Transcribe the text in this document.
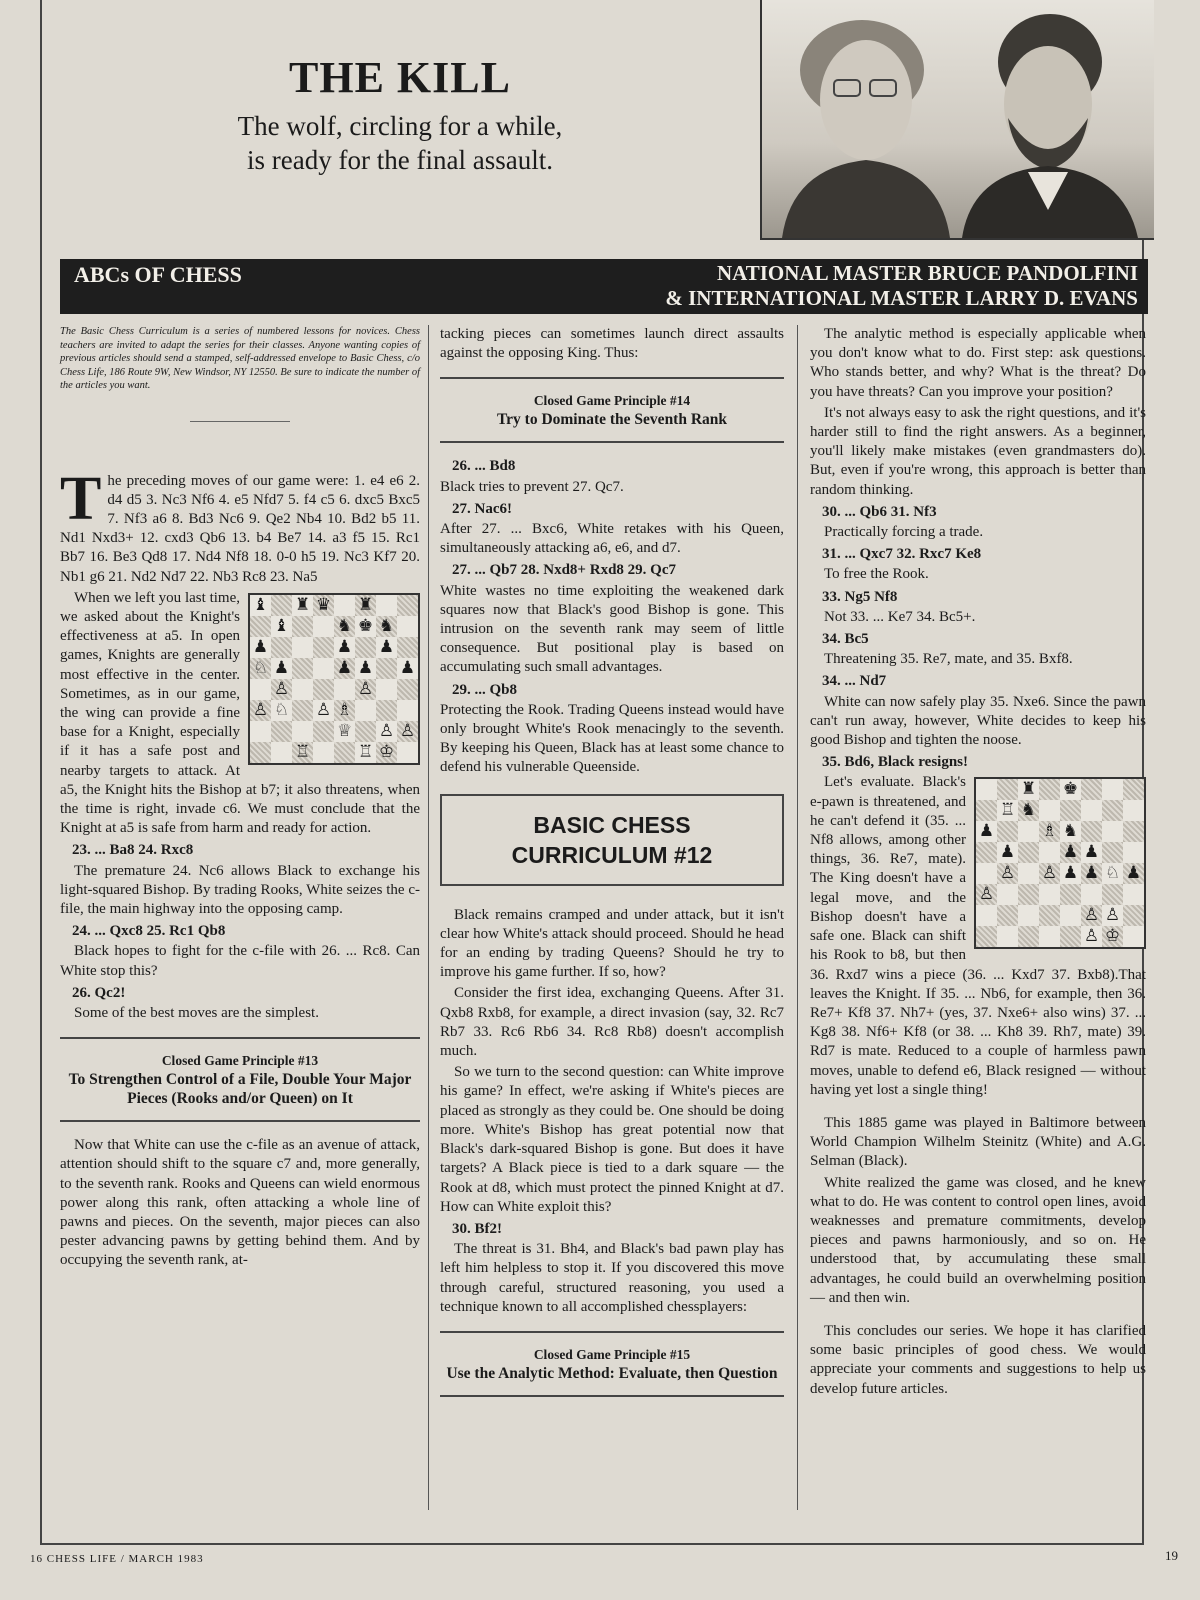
THE KILL
The wolf, circling for a while,
is ready for the final assault.
ABCs OF CHESS	NATIONAL MASTER BRUCE PANDOLFINI
& INTERNATIONAL MASTER LARRY D. EVANS
The Basic Chess Curriculum is a series of numbered lessons for novices. Chess teachers are invited to adapt the series for their classes. Anyone wanting copies of previous articles should send a stamped, self-addressed envelope to Basic Chess, c/o Chess Life, 186 Route 9W, New Windsor, NY 12550. Be sure to indicate the number of the articles you want.

The preceding moves of our game were: 1. e4 e6 2. d4 d5 3. Nc3 Nf6 4. e5 Nfd7 5. f4 c5 6. dxc5 Bxc5 7. Nf3 a6 8. Bd3 Nc6 9. Qe2 Nb4 10. Bd2 b5 11. Nd1 Nxd3+ 12. cxd3 Qb6 13. b4 Be7 14. a3 f5 15. Rc1 Bb7 16. Be3 Qd8 17. Nd4 Nf8 18. 0-0 h5 19. Nc3 Kf7 20. Nb1 g6 21. Nd2 Nd7 22. Nb3 Rc8 23. Na5

♝ ♜ ♛ ♜
♝	♞ ♚ ♞
♟	♟ ♟
♘ ♟	♟ ♟ ♟
♙	♙
♙ ♘ ♙ ♗
♕ ♙ ♙
♖	♖ ♔

When we left you last time, we asked about the Knight's effectiveness at a5. In open games, Knights are generally most effective in the center. Sometimes, as in our game, the wing can provide a fine base for a Knight, especially if it has a safe post and nearby targets to attack. At a5, the Knight hits the Bishop at b7; it also threatens, when the time is right, invade c6. We must conclude that the Knight at a5 is safe from harm and ready for action.

23. ... Ba8 24. Rxc8

The premature 24. Nc6 allows Black to exchange his light-squared Bishop. By trading Rooks, White seizes the c-file, the main highway into the opposing camp.

24. ... Qxc8 25. Rc1 Qb8

Black hopes to fight for the c-file with 26. ... Rc8. Can White stop this?

26. Qc2!

Some of the best moves are the simplest.

Closed Game Principle #13
To Strengthen Control of a File, Double Your Major Pieces (Rooks and/or Queen) on It

Now that White can use the c-file as an avenue of attack, attention should shift to the square c7 and, more generally, to the seventh rank. Rooks and Queens can wield enormous power along this rank, often attacking a whole line of pawns and pieces. On the seventh, major pieces can also pester advancing pawns by getting behind them. And by occupying the seventh rank, at-

tacking pieces can sometimes launch direct assaults against the opposing King. Thus:

Closed Game Principle #14
Try to Dominate the Seventh Rank
26. ... Bd8

Black tries to prevent 27. Qc7.

27. Nac6!

After 27. ... Bxc6, White retakes with his Queen, simultaneously attacking a6, e6, and d7.

27. ... Qb7 28. Nxd8+ Rxd8 29. Qc7

White wastes no time exploiting the weakened dark squares now that Black's good Bishop is gone. This intrusion on the seventh rank may seem of little consequence. But positional play is based on accumulating such small advantages.

29. ... Qb8

Protecting the Rook. Trading Queens instead would have only brought White's Rook menacingly to the seventh. By keeping his Queen, Black has at least some chance to defend his vulnerable Queenside.

BASIC CHESS
CURRICULUM #12

Black remains cramped and under attack, but it isn't clear how White's attack should proceed. Should he head for an ending by trading Queens? Should he try to improve his game further. If so, how?

Consider the first idea, exchanging Queens. After 31. Qxb8 Rxb8, for example, a direct invasion (say, 32. Rc7 Rb7 33. Rc6 Rb6 34. Rc8 Rb8) doesn't accomplish much.

So we turn to the second question: can White improve his game? In effect, we're asking if White's pieces are placed as strongly as they could be. One should be doing more. White's Bishop has great potential now that Black's dark-squared Bishop is gone. But does it have targets? A Black piece is tied to a dark square — the Rook at d8, which must protect the pinned Knight at d7. How can White exploit this?

30. Bf2!

The threat is 31. Bh4, and Black's bad pawn play has left him helpless to stop it. If you discovered this move through careful, structured reasoning, you used a technique known to all accomplished chessplayers:

Closed Game Principle #15
Use the Analytic Method: Evaluate, then Question

The analytic method is especially applicable when you don't know what to do. First step: ask questions. Who stands better, and why? What is the threat? Do you have threats? Can you improve your position?

It's not always easy to ask the right questions, and it's harder still to find the right answers. As a beginner, you'll likely make mistakes (even grandmasters do). But, even if you're wrong, this approach is better than random thinking.

30. ... Qb6 31. Nf3

Practically forcing a trade.

31. ... Qxc7 32. Rxc7 Ke8

To free the Rook.

33. Ng5 Nf8

Not 33. ... Ke7 34. Bc5+.

34. Bc5

Threatening 35. Re7, mate, and 35. Bxf8.

34. ... Nd7

White can now safely play 35. Nxe6. Since the pawn can't run away, however, White decides to keep his good Bishop and tighten the noose.

35. Bd6, Black resigns!
♜ ♚
♖ ♞
♟	♗ ♞
♟	♟ ♟
♙ ♙ ♟ ♟ ♘ ♟
♙
♙ ♙
♙ ♔

Let's evaluate. Black's e-pawn is threatened, and he can't defend it (35. ... Nf8 allows, among other things, 36. Re7, mate). The King doesn't have a legal move, and the Bishop doesn't have a safe one. Black can shift his Rook to b8, but then 36. Rxd7 wins a piece (36. ... Kxd7 37. Bxb8).That leaves the Knight. If 35. ... Nb6, for example, then 36. Re7+ Kf8 37. Nh7+ (yes, 37. Nxe6+ also wins) 37. ... Kg8 38. Nf6+ Kf8 (or 38. ... Kh8 39. Rh7, mate) 39. Rd7 is mate. Reduced to a couple of harmless pawn moves, unable to defend e6, Black resigned — without having yet lost a single thing!

This 1885 game was played in Baltimore between World Champion Wilhelm Steinitz (White) and A.G. Selman (Black).

White realized the game was closed, and he knew what to do. He was content to control open lines, avoid weaknesses and premature commitments, develop pieces and pawns harmoniously, and so on. He understood that, by accumulating these small advantages, he could build an overwhelming position — and then win.

This concludes our series. We hope it has clarified some basic principles of good chess. We would appreciate your comments and suggestions to help us develop future articles.

16 CHESS LIFE / MARCH 1983	19
